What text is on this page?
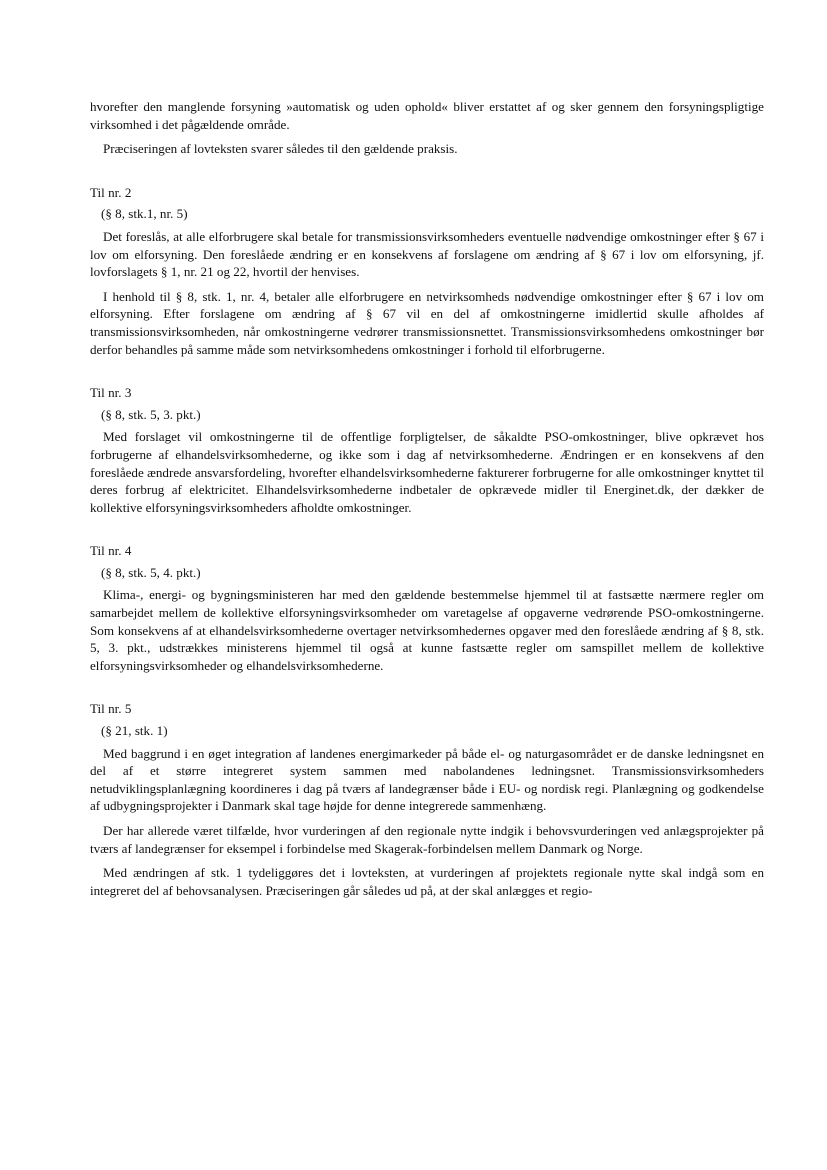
hvorefter den manglende forsyning »automatisk og uden ophold« bliver erstattet af og sker gennem den forsyningspligtige virksomhed i det pågældende område.

Præciseringen af lovteksten svarer således til den gældende praksis.

Til nr. 2
(§ 8, stk.1, nr. 5)

Det foreslås, at alle elforbrugere skal betale for transmissionsvirksomheders eventuelle nødvendige omkostninger efter § 67 i lov om elforsyning. Den foreslåede ændring er en konsekvens af forslagene om ændring af § 67 i lov om elforsyning, jf. lovforslagets § 1, nr. 21 og 22, hvortil der henvises.

I henhold til § 8, stk. 1, nr. 4, betaler alle elforbrugere en netvirksomheds nødvendige omkostninger efter § 67 i lov om elforsyning. Efter forslagene om ændring af § 67 vil en del af omkostningerne imidlertid skulle afholdes af transmissionsvirksomheden, når omkostningerne vedrører transmissionsnettet. Transmissionsvirksomhedens omkostninger bør derfor behandles på samme måde som netvirksomhedens omkostninger i forhold til elforbrugerne.

Til nr. 3
(§ 8, stk. 5, 3. pkt.)

Med forslaget vil omkostningerne til de offentlige forpligtelser, de såkaldte PSO-omkostninger, blive opkrævet hos forbrugerne af elhandelsvirksomhederne, og ikke som i dag af netvirksomhederne. Ændringen er en konsekvens af den foreslåede ændrede ansvarsfordeling, hvorefter elhandelsvirksomhederne fakturerer forbrugerne for alle omkostninger knyttet til deres forbrug af elektricitet. Elhandelsvirksomhederne indbetaler de opkrævede midler til Energinet.dk, der dækker de kollektive elforsyningsvirksomheders afholdte omkostninger.

Til nr. 4
(§ 8, stk. 5, 4. pkt.)

Klima-, energi- og bygningsministeren har med den gældende bestemmelse hjemmel til at fastsætte nærmere regler om samarbejdet mellem de kollektive elforsyningsvirksomheder om varetagelse af opgaverne vedrørende PSO-omkostningerne. Som konsekvens af at elhandelsvirksomhederne overtager netvirksomhedernes opgaver med den foreslåede ændring af § 8, stk. 5, 3. pkt., udstrækkes ministerens hjemmel til også at kunne fastsætte regler om samspillet mellem de kollektive elforsyningsvirksomheder og elhandelsvirksomhederne.

Til nr. 5
(§ 21, stk. 1)

Med baggrund i en øget integration af landenes energimarkeder på både el- og naturgasområdet er de danske ledningsnet en del af et større integreret system sammen med nabolandenes ledningsnet. Transmissionsvirksomheders netudviklingsplanlægning koordineres i dag på tværs af landegrænser både i EU- og nordisk regi. Planlægning og godkendelse af udbygningsprojekter i Danmark skal tage højde for denne integrerede sammenhæng.

Der har allerede været tilfælde, hvor vurderingen af den regionale nytte indgik i behovsvurderingen ved anlægsprojekter på tværs af landegrænser for eksempel i forbindelse med Skagerak-forbindelsen mellem Danmark og Norge.

Med ændringen af stk. 1 tydeliggøres det i lovteksten, at vurderingen af projektets regionale nytte skal indgå som en integreret del af behovsanalysen. Præciseringen går således ud på, at der skal anlægges et regio-
